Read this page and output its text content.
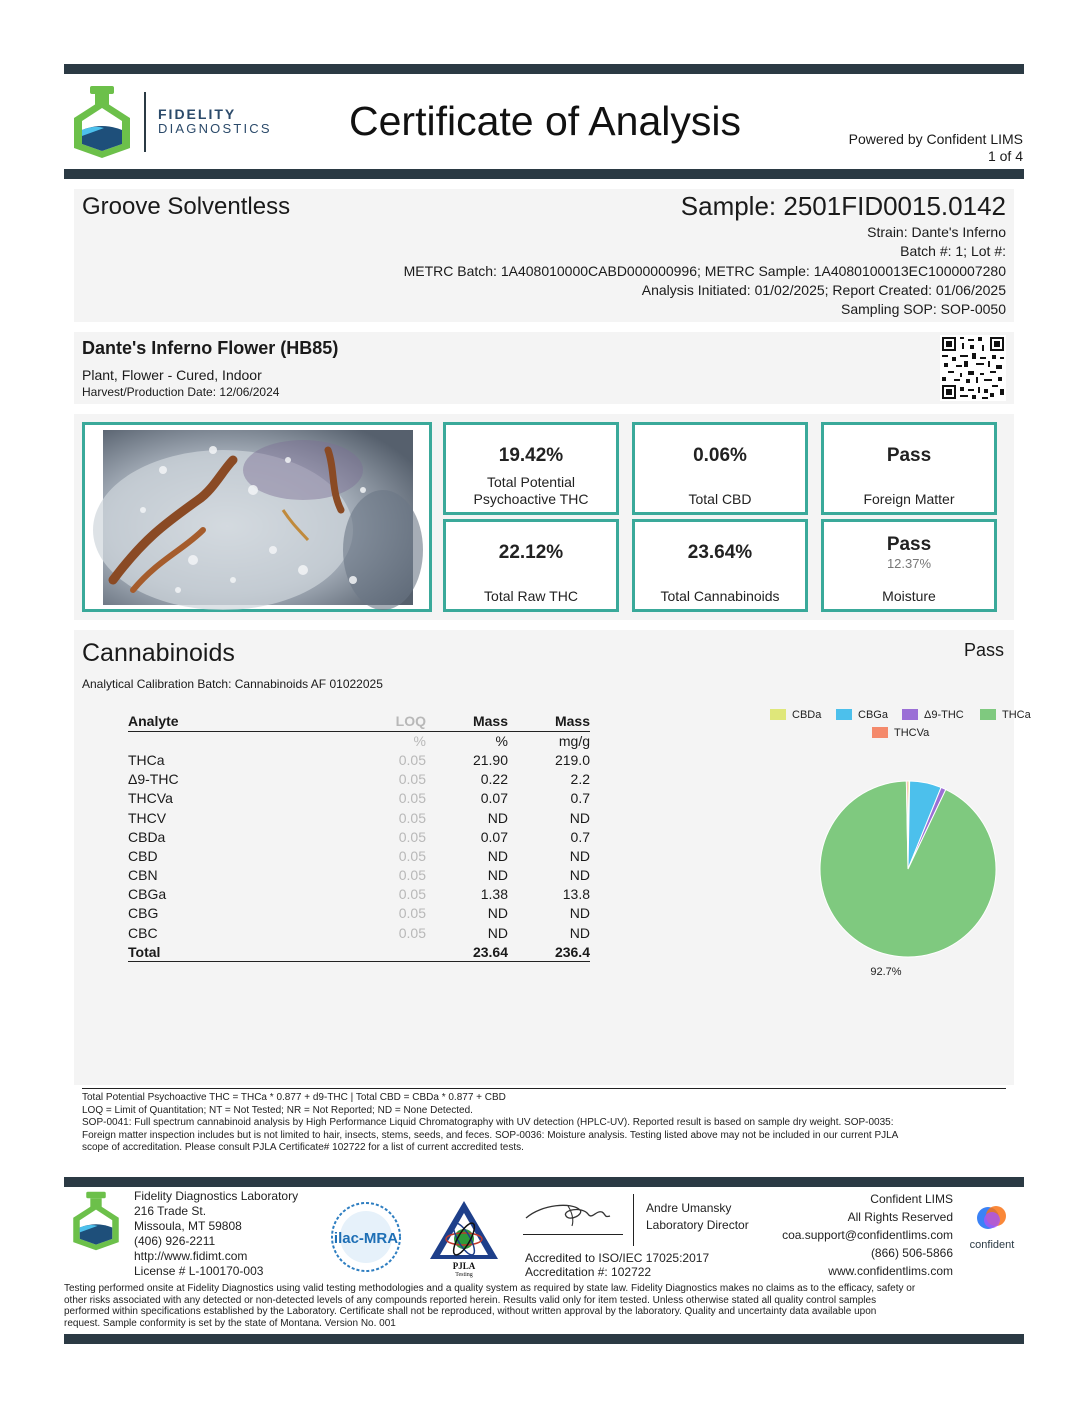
FIDELITY
DIAGNOSTICS	Certificate of Analysis	Powered by Confident LIMS
1 of 4
Groove Solventless	Sample: 2501FID0015.0142
Strain: Dante's Inferno
Batch #: 1; Lot #:
METRC Batch: 1A408010000CABD000000996; METRC Sample: 1A4080100013EC1000007280
Analysis Initiated: 01/02/2025; Report Created: 01/06/2025
Sampling SOP: SOP-0050
Dante's Inferno Flower (HB85)
Plant, Flower - Cured, Indoor
Harvest/Production Date: 12/06/2024
19.42%
Total Potential
Psychoactive THC
0.06%
Total CBD
Pass
Foreign Matter
22.12%
Total Raw THC
23.64%
Total Cannabinoids
Pass
12.37%
Moisture
Cannabinoids	Pass
Analytical Calibration Batch: Cannabinoids AF 01022025
Analyte	LOQ	Mass	Mass
	%	%	mg/g
THCa	0.05	21.90	219.0
Δ9-THC	0.05	0.22	2.2
THCVa	0.05	0.07	0.7
THCV	0.05	ND	ND
CBDa	0.05	0.07	0.7
CBD	0.05	ND	ND
CBN	0.05	ND	ND
CBGa	0.05	1.38	13.8
CBG	0.05	ND	ND
CBC	0.05	ND	ND
Total		23.64	236.4
CBDa	CBGa	Δ9-THC	THCa
THCVa
92.7%
Total Potential Psychoactive THC = THCa * 0.877 + d9-THC | Total CBD = CBDa * 0.877 + CBD
LOQ = Limit of Quantitation; NT = Not Tested; NR = Not Reported; ND = None Detected.
SOP-0041: Full spectrum cannabinoid analysis by High Performance Liquid Chromatography with UV detection (HPLC-UV). Reported result is based on sample dry weight. SOP-0035:
Foreign matter inspection includes but is not limited to hair, insects, stems, seeds, and feces. SOP-0036: Moisture analysis. Testing listed above may not be included in our current PJLA
scope of accreditation. Please consult PJLA Certificate# 102722 for a list of current accredited tests.
Fidelity Diagnostics Laboratory
216 Trade St.
Missoula, MT 59808
(406) 926-2211
http://www.fidimt.com
License # L-100170-003
ilac-MRA
PJLA
Testing
Andre Umansky
Laboratory Director
Accredited to ISO/IEC 17025:2017
Accreditation #: 102722
Confident LIMS
All Rights Reserved
coa.support@confidentlims.com
(866) 506-5866
www.confidentlims.com
confident
Testing performed onsite at Fidelity Diagnostics using valid testing methodologies and a quality system as required by state law. Fidelity Diagnostics makes no claims as to the efficacy, safety or
other risks associated with any detected or non-detected levels of any compounds reported herein. Results valid only for item tested. Unless otherwise stated all quality control samples
performed within specifications established by the Laboratory. Certificate shall not be reproduced, without written approval by the laboratory. Quality and uncertainty data available upon
request. Sample conformity is set by the state of Montana. Version No. 001
